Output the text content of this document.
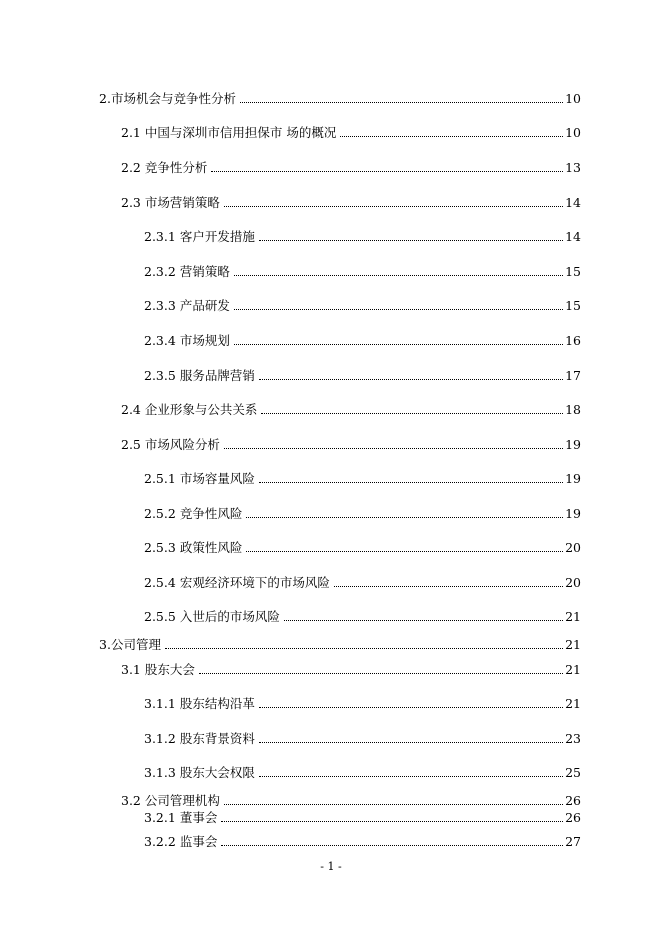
2.市场机会与竞争性分析	10
2.1 中国与深圳市信用担保市 场的概况	10
2.2 竞争性分析	13
2.3 市场营销策略	14
2.3.1 客户开发措施	14
2.3.2 营销策略	15
2.3.3 产品研发	15
2.3.4 市场规划	16
2.3.5 服务品牌营销	17
2.4 企业形象与公共关系	18
2.5 市场风险分析	19
2.5.1 市场容量风险	19
2.5.2 竞争性风险	19
2.5.3 政策性风险	20
2.5.4 宏观经济环境下的市场风险	20
2.5.5 入世后的市场风险	21
3.公司管理	21
3.1 股东大会	21
3.1.1 股东结构沿革	21
3.1.2 股东背景资料	23
3.1.3 股东大会权限	25
3.2 公司管理机构	26
3.2.1 董事会	26
3.2.2 监事会	27
- 1 -
